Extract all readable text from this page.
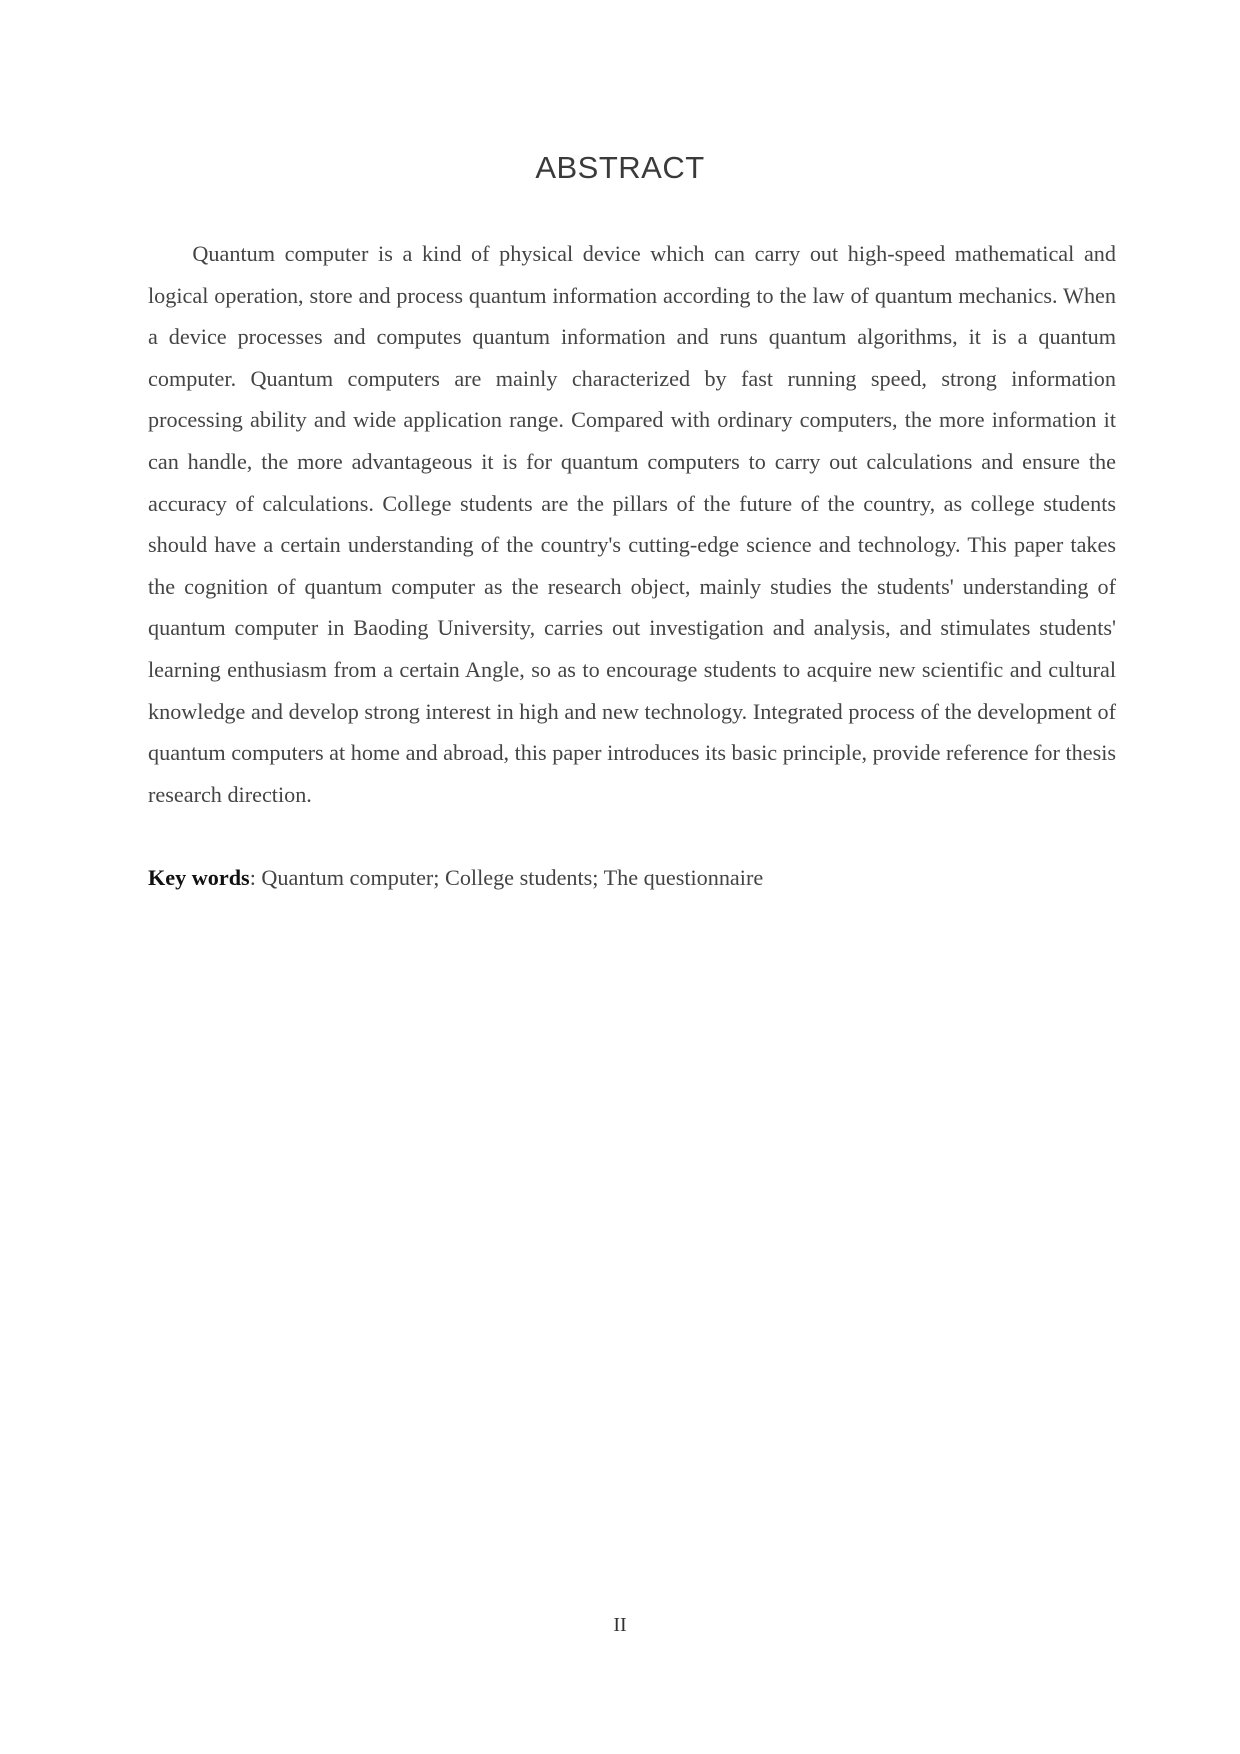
ABSTRACT

Quantum computer is a kind of physical device which can carry out high-speed mathematical and logical operation, store and process quantum information according to the law of quantum mechanics. When a device processes and computes quantum information and runs quantum algorithms, it is a quantum computer. Quantum computers are mainly characterized by fast running speed, strong information processing ability and wide application range. Compared with ordinary computers, the more information it can handle, the more advantageous it is for quantum computers to carry out calculations and ensure the accuracy of calculations. College students are the pillars of the future of the country, as college students should have a certain understanding of the country's cutting-edge science and technology. This paper takes the cognition of quantum computer as the research object, mainly studies the students' understanding of quantum computer in Baoding University, carries out investigation and analysis, and stimulates students' learning enthusiasm from a certain Angle, so as to encourage students to acquire new scientific and cultural knowledge and develop strong interest in high and new technology. Integrated process of the development of quantum computers at home and abroad, this paper introduces its basic principle, provide reference for thesis research direction.

Key words: Quantum computer; College students; The questionnaire

II
